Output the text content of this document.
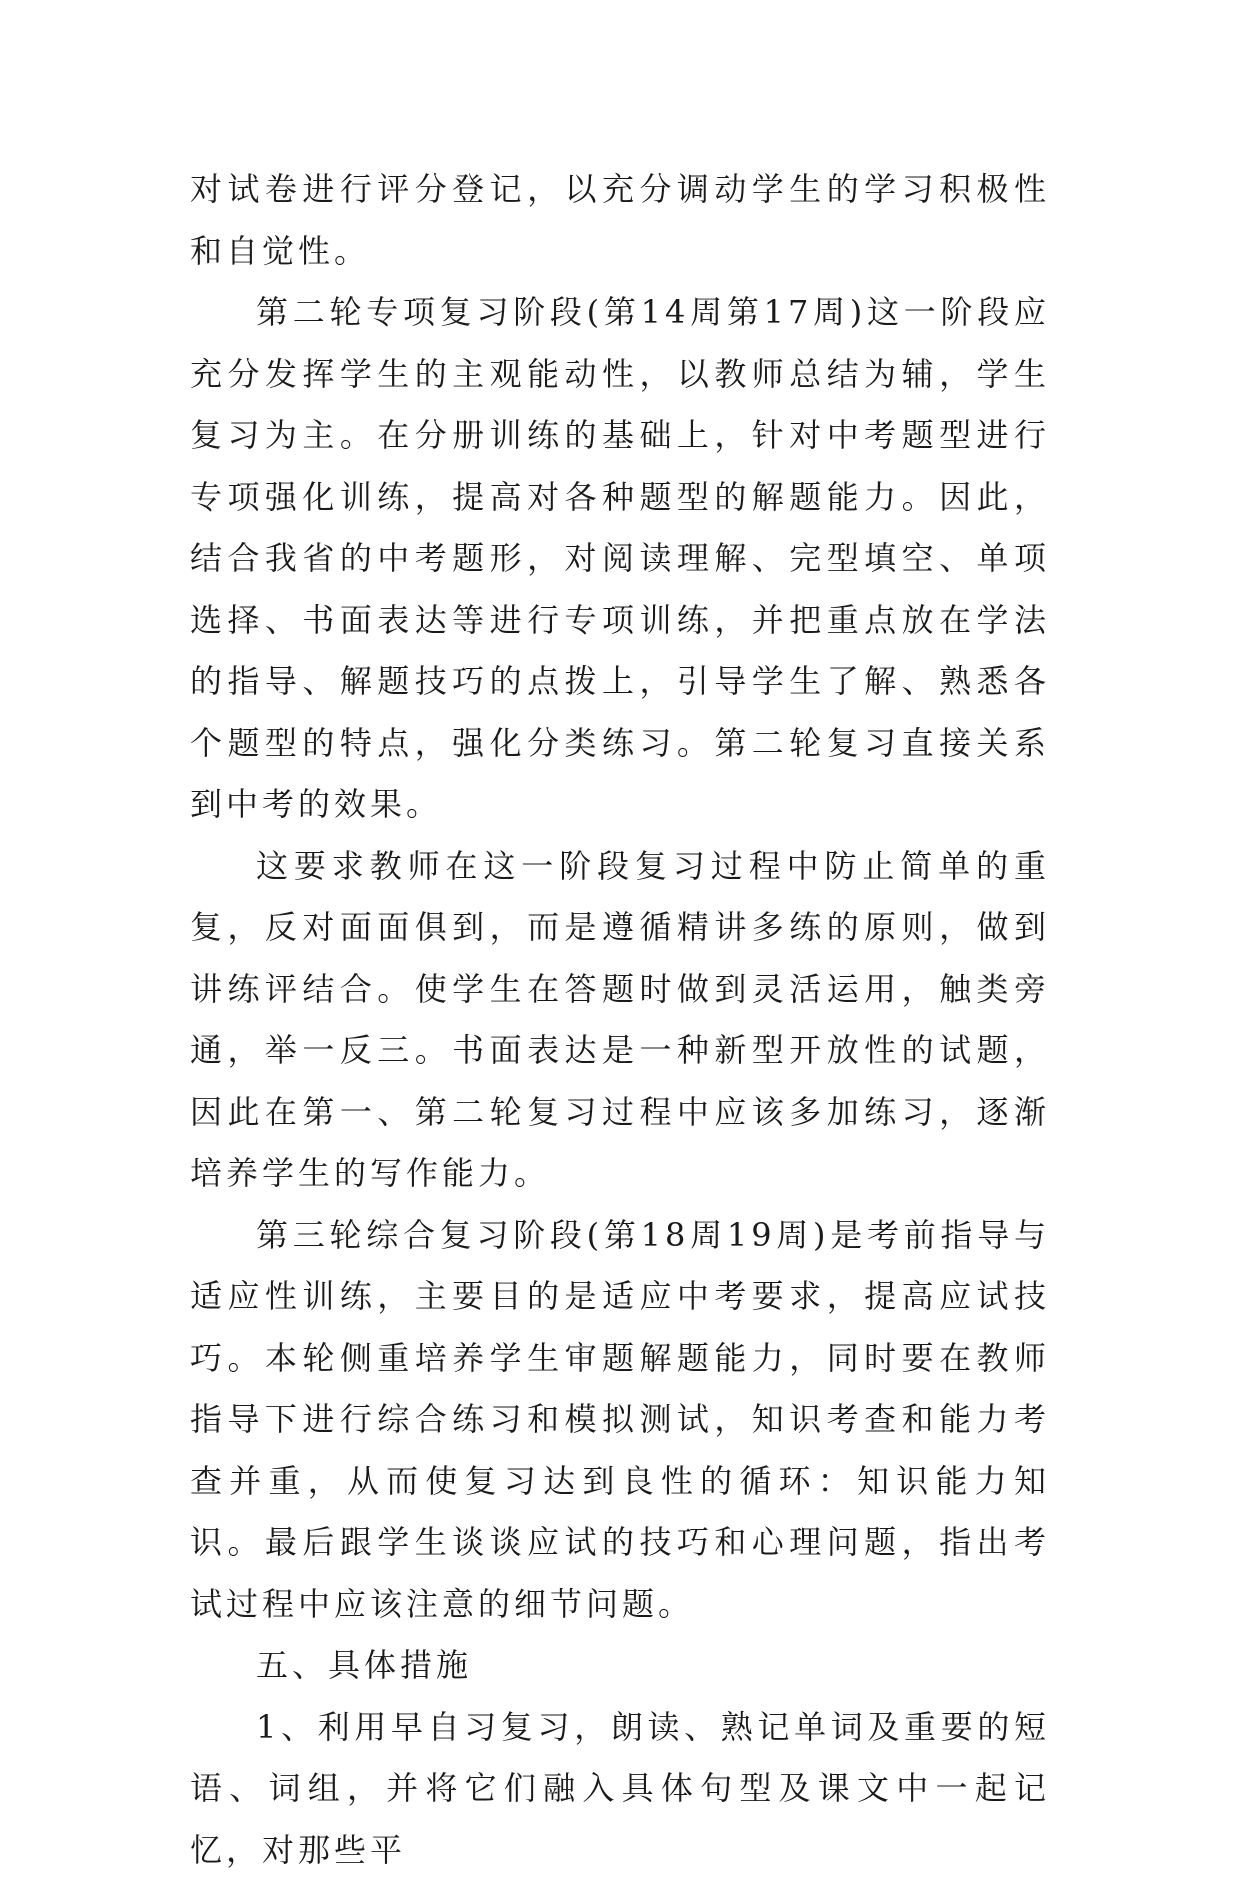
对试卷进行评分登记，以充分调动学生的学习积极性和自觉性。

第二轮专项复习阶段(第14周第17周)这一阶段应充分发挥学生的主观能动性，以教师总结为辅，学生复习为主。在分册训练的基础上，针对中考题型进行专项强化训练，提高对各种题型的解题能力。因此，结合我省的中考题形，对阅读理解、完型填空、单项选择、书面表达等进行专项训练，并把重点放在学法的指导、解题技巧的点拨上，引导学生了解、熟悉各个题型的特点，强化分类练习。第二轮复习直接关系到中考的效果。

这要求教师在这一阶段复习过程中防止简单的重复，反对面面俱到，而是遵循精讲多练的原则，做到讲练评结合。使学生在答题时做到灵活运用，触类旁通，举一反三。书面表达是一种新型开放性的试题，因此在第一、第二轮复习过程中应该多加练习，逐渐培养学生的写作能力。

第三轮综合复习阶段(第18周19周)是考前指导与适应性训练，主要目的是适应中考要求，提高应试技巧。本轮侧重培养学生审题解题能力，同时要在教师指导下进行综合练习和模拟测试，知识考查和能力考查并重，从而使复习达到良性的循环：知识能力知识。最后跟学生谈谈应试的技巧和心理问题，指出考试过程中应该注意的细节问题。

五、具体措施

1、利用早自习复习，朗读、熟记单词及重要的短语、词组，并将它们融入具体句型及课文中一起记忆，对那些平
